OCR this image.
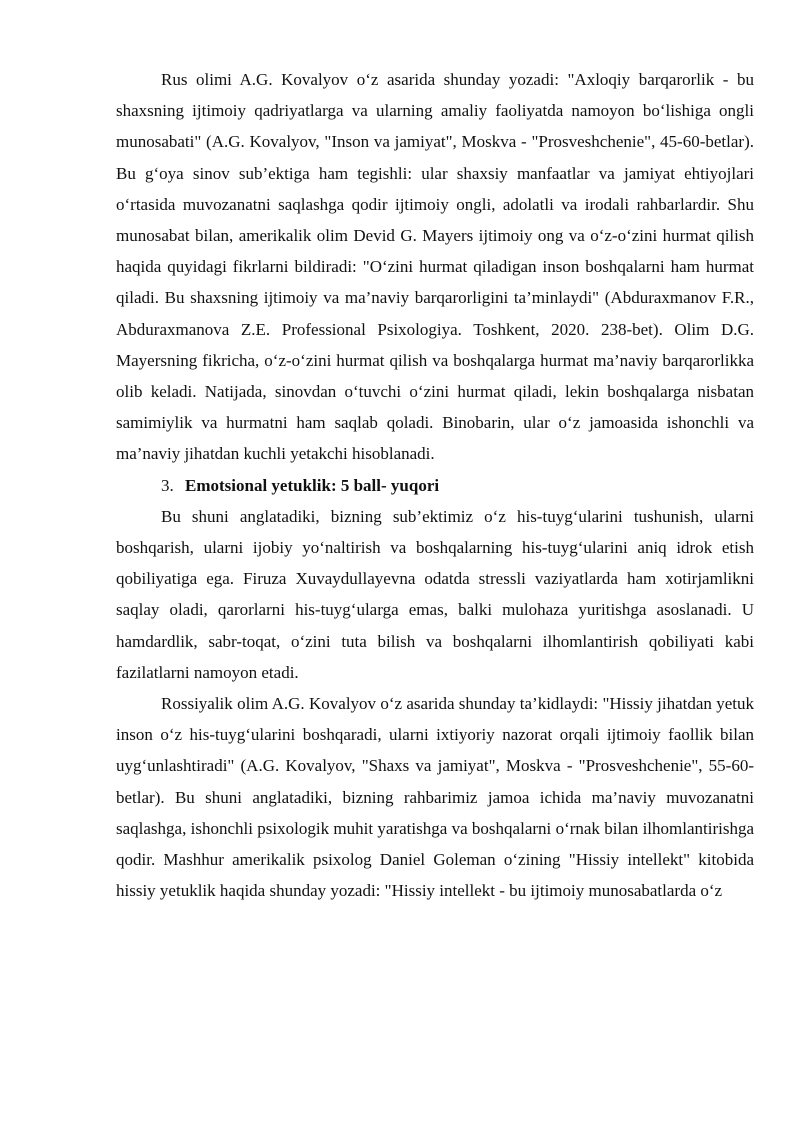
Rus olimi A.G. Kovalyov o‘z asarida shunday yozadi: "Axloqiy barqarorlik - bu shaxsning ijtimoiy qadriyatlarga va ularning amaliy faoliyatda namoyon bo‘lishiga ongli munosabati" (A.G. Kovalyov, "Inson va jamiyat", Moskva - "Prosveshchenie", 45-60-betlar). Bu g‘oya sinov sub’ektiga ham tegishli: ular shaxsiy manfaatlar va jamiyat ehtiyojlari o‘rtasida muvozanatni saqlashga qodir ijtimoiy ongli, adolatli va irodali rahbarlardir. Shu munosabat bilan, amerikalik olim Devid G. Mayers ijtimoiy ong va o‘z-o‘zini hurmat qilish haqida quyidagi fikrlarni bildiradi: "O‘zini hurmat qiladigan inson boshqalarni ham hurmat qiladi. Bu shaxsning ijtimoiy va ma’naviy barqarorligini ta’minlaydi" (Abduraxmanov F.R., Abduraxmanova Z.E. Professional Psixologiya. Toshkent, 2020. 238-bet). Olim D.G. Mayersning fikricha, o‘z-o‘zini hurmat qilish va boshqalarga hurmat ma’naviy barqarorlikka olib keladi. Natijada, sinovdan o‘tuvchi o‘zini hurmat qiladi, lekin boshqalarga nisbatan samimiylik va hurmatni ham saqlab qoladi. Binobarin, ular o‘z jamoasida ishonchli va ma’naviy jihatdan kuchli yetakchi hisoblanadi.

3. Emotsional yetuklik: 5 ball- yuqori

Bu shuni anglatadiki, bizning sub’ektimiz o‘z his-tuyg‘ularini tushunish, ularni boshqarish, ularni ijobiy yo‘naltirish va boshqalarning his-tuyg‘ularini aniq idrok etish qobiliyatiga ega. Firuza Xuvaydullayevna odatda stressli vaziyatlarda ham xotirjamlikni saqlay oladi, qarorlarni his-tuyg‘ularga emas, balki mulohaza yuritishga asoslanadi. U hamdardlik, sabr-toqat, o‘zini tuta bilish va boshqalarni ilhomlantirish qobiliyati kabi fazilatlarni namoyon etadi.

Rossiyalik olim A.G. Kovalyov o‘z asarida shunday ta’kidlaydi: "Hissiy jihatdan yetuk inson o‘z his-tuyg‘ularini boshqaradi, ularni ixtiyoriy nazorat orqali ijtimoiy faollik bilan uyg‘unlashtiradi" (A.G. Kovalyov, "Shaxs va jamiyat", Moskva - "Prosveshchenie", 55-60-betlar). Bu shuni anglatadiki, bizning rahbarimiz jamoa ichida ma’naviy muvozanatni saqlashga, ishonchli psixologik muhit yaratishga va boshqalarni o‘rnak bilan ilhomlantirishga qodir. Mashhur amerikalik psixolog Daniel Goleman o‘zining "Hissiy intellekt" kitobida hissiy yetuklik haqida shunday yozadi: "Hissiy intellekt - bu ijtimoiy munosabatlarda o‘z
